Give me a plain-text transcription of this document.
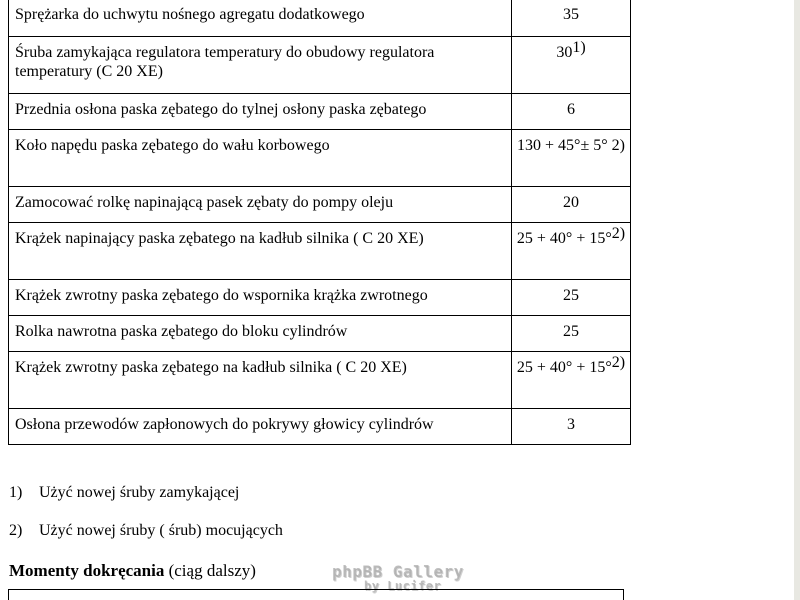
Sprężarka do uchwytu nośnego agregatu dodatkowego	35
Śruba zamykająca regulatora temperatury do obudowy regulatora temperatury (C 20 XE)	30$^{1)}$
Przednia osłona paska zębatego do tylnej osłony paska zębatego	6
Koło napędu paska zębatego do wału korbowego	130 + 45°± 5° 2)
Zamocować rolkę napinającą pasek zębaty do pompy oleju	20
Krążek napinający paska zębatego na kadłub silnika ( C 20 XE)	25 + 40° + 15°$^{2)}$
Krążek zwrotny paska zębatego do wspornika krążka zwrotnego	25
Rolka nawrotna paska zębatego do bloku cylindrów	25
Krążek zwrotny paska zębatego na kadłub silnika ( C 20 XE)	25 + 40° + 15°$^{2)}$
Osłona przewodów zapłonowych do pokrywy głowicy cylindrów	3
1) Użyć nowej śruby zamykającej
2) Użyć nowej śruby ( śrub) mocujących
Momenty dokręcania (ciąg dalszy)	phpBB Gallery
by Lucifer
